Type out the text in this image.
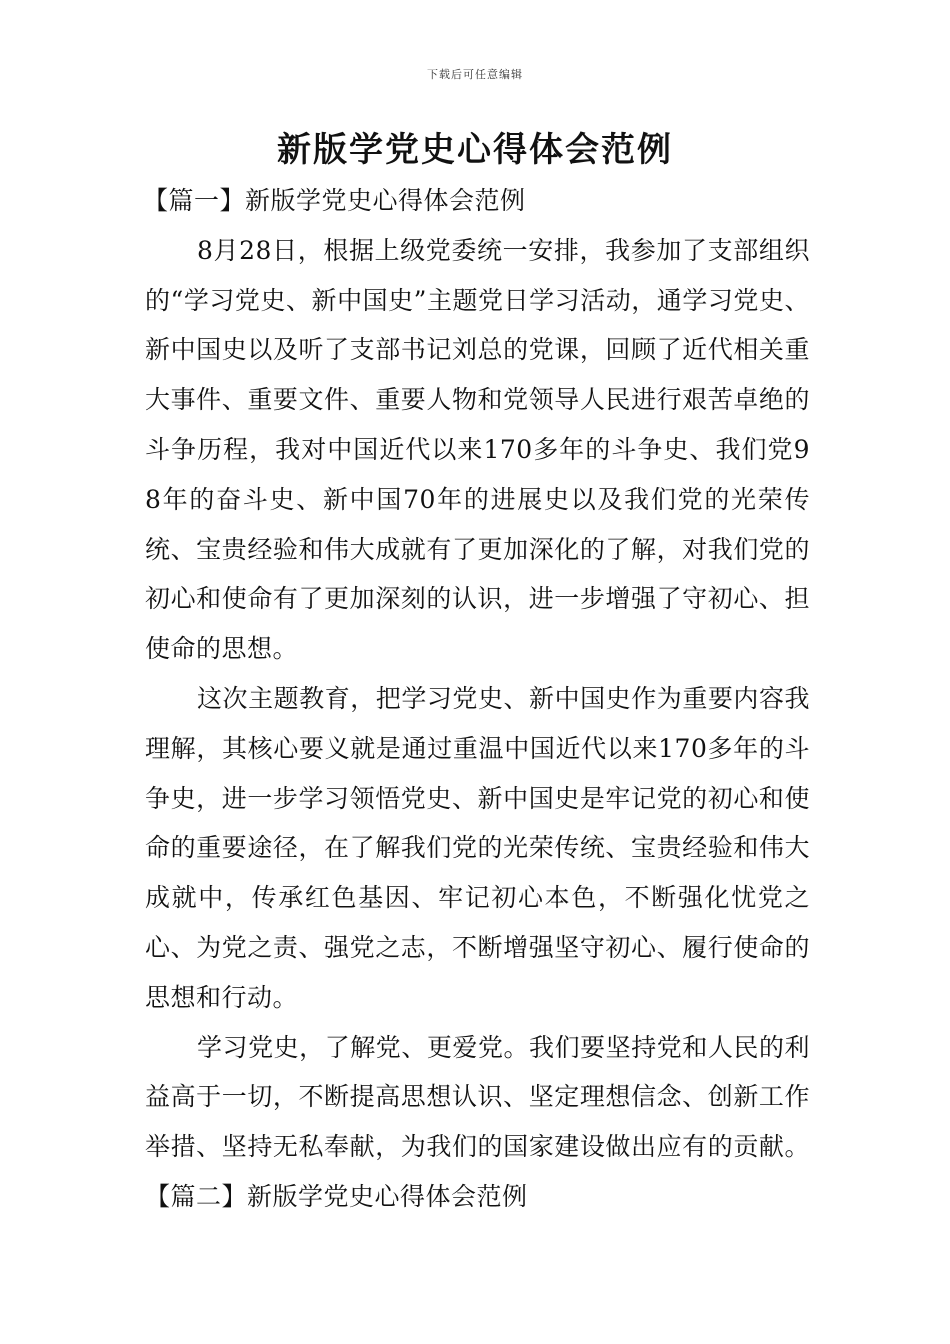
下载后可任意编辑
新版学党史心得体会范例
【篇一】新版学党史心得体会范例

8月28日，根据上级党委统一安排，我参加了支部组织的“学习党史、新中国史”主题党日学习活动，通学习党史、新中国史以及听了支部书记刘总的党课，回顾了近代相关重大事件、重要文件、重要人物和党领导人民进行艰苦卓绝的斗争历程，我对中国近代以来170多年的斗争史、我们党98年的奋斗史、新中国70年的进展史以及我们党的光荣传统、宝贵经验和伟大成就有了更加深化的了解，对我们党的初心和使命有了更加深刻的认识，进一步增强了守初心、担使命的思想。

这次主题教育，把学习党史、新中国史作为重要内容我理解，其核心要义就是通过重温中国近代以来170多年的斗争史，进一步学习领悟党史、新中国史是牢记党的初心和使命的重要途径，在了解我们党的光荣传统、宝贵经验和伟大成就中，传承红色基因、牢记初心本色，不断强化忧党之心、为党之责、强党之志，不断增强坚守初心、履行使命的思想和行动。

学习党史，了解党、更爱党。我们要坚持党和人民的利益高于一切，不断提高思想认识、坚定理想信念、创新工作举措、坚持无私奉献，为我们的国家建设做出应有的贡献。【篇二】新版学党史心得体会范例
